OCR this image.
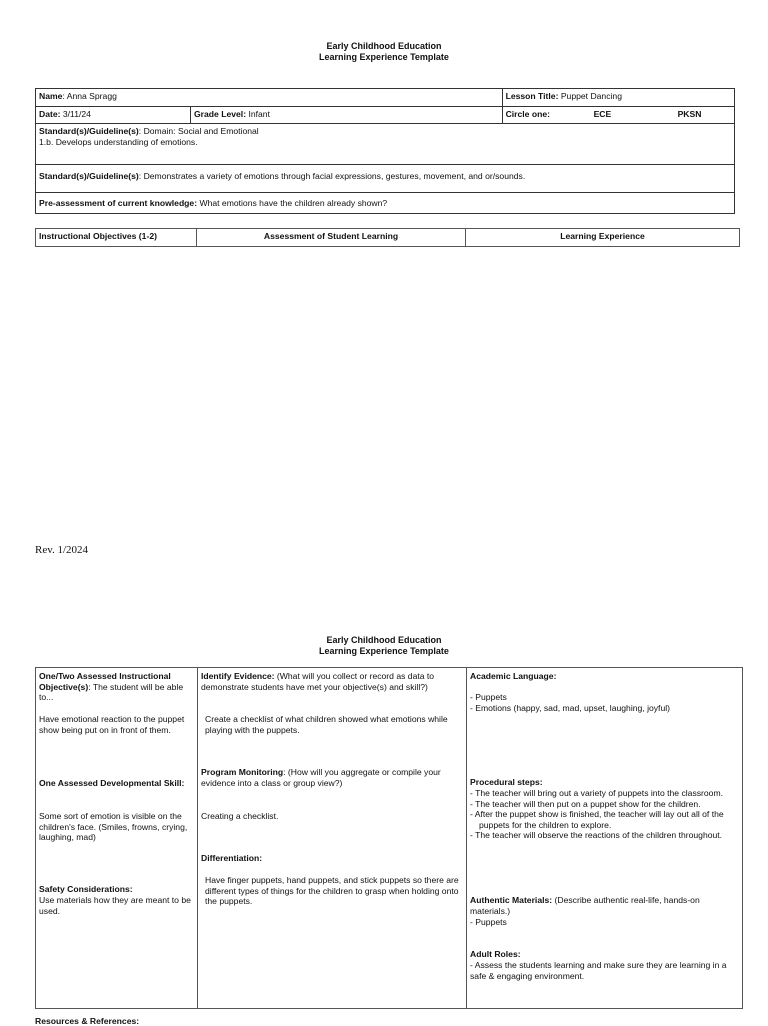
Early Childhood Education
Learning Experience Template
Name: Anna Spragg		Lesson Title: Puppet Dancing
Date: 3/11/24	Grade Level: Infant	Circle one: ECE PKSN
Standard(s)/Guideline(s): Domain: Social and Emotional
1.b. Develops understanding of emotions.		
Standard(s)/Guideline(s): Demonstrates a variety of emotions through facial expressions, gestures, movement, and or/sounds.		
Pre-assessment of current knowledge: What emotions have the children already shown?		
Instructional Objectives (1-2)	Assessment of Student Learning	Learning Experience
Rev. 1/2024
Early Childhood Education
Learning Experience Template
One/Two Assessed Instructional Objective(s): The student will be able to...
Have emotional reaction to the puppet show being put on in front of them.
One Assessed Developmental Skill:
Some sort of emotion is visible on the children's face. (Smiles, frowns, crying, laughing, mad)
Safety Considerations:
Use materials how they are meant to be used.
Identify Evidence: (What will you collect or record as data to demonstrate students have met your objective(s) and skill?)
Create a checklist of what children showed what emotions while playing with the puppets.
Program Monitoring: (How will you aggregate or compile your evidence into a class or group view?)
Creating a checklist.
Differentiation:
Have finger puppets, hand puppets, and stick puppets so there are different types of things for the children to grasp when holding onto the puppets.
Academic Language:
- Puppets
- Emotions (happy, sad, mad, upset, laughing, joyful)
Procedural steps:
- The teacher will bring out a variety of puppets into the classroom.
- The teacher will then put on a puppet show for the children.
- After the puppet show is finished, the teacher will lay out all of the puppets for the children to explore.
- The teacher will observe the reactions of the children throughout.
Authentic Materials: (Describe authentic real-life, hands-on materials.)
- Puppets
Adult Roles:
- Assess the students learning and make sure they are learning in a safe & engaging environment.
Resources & References:
